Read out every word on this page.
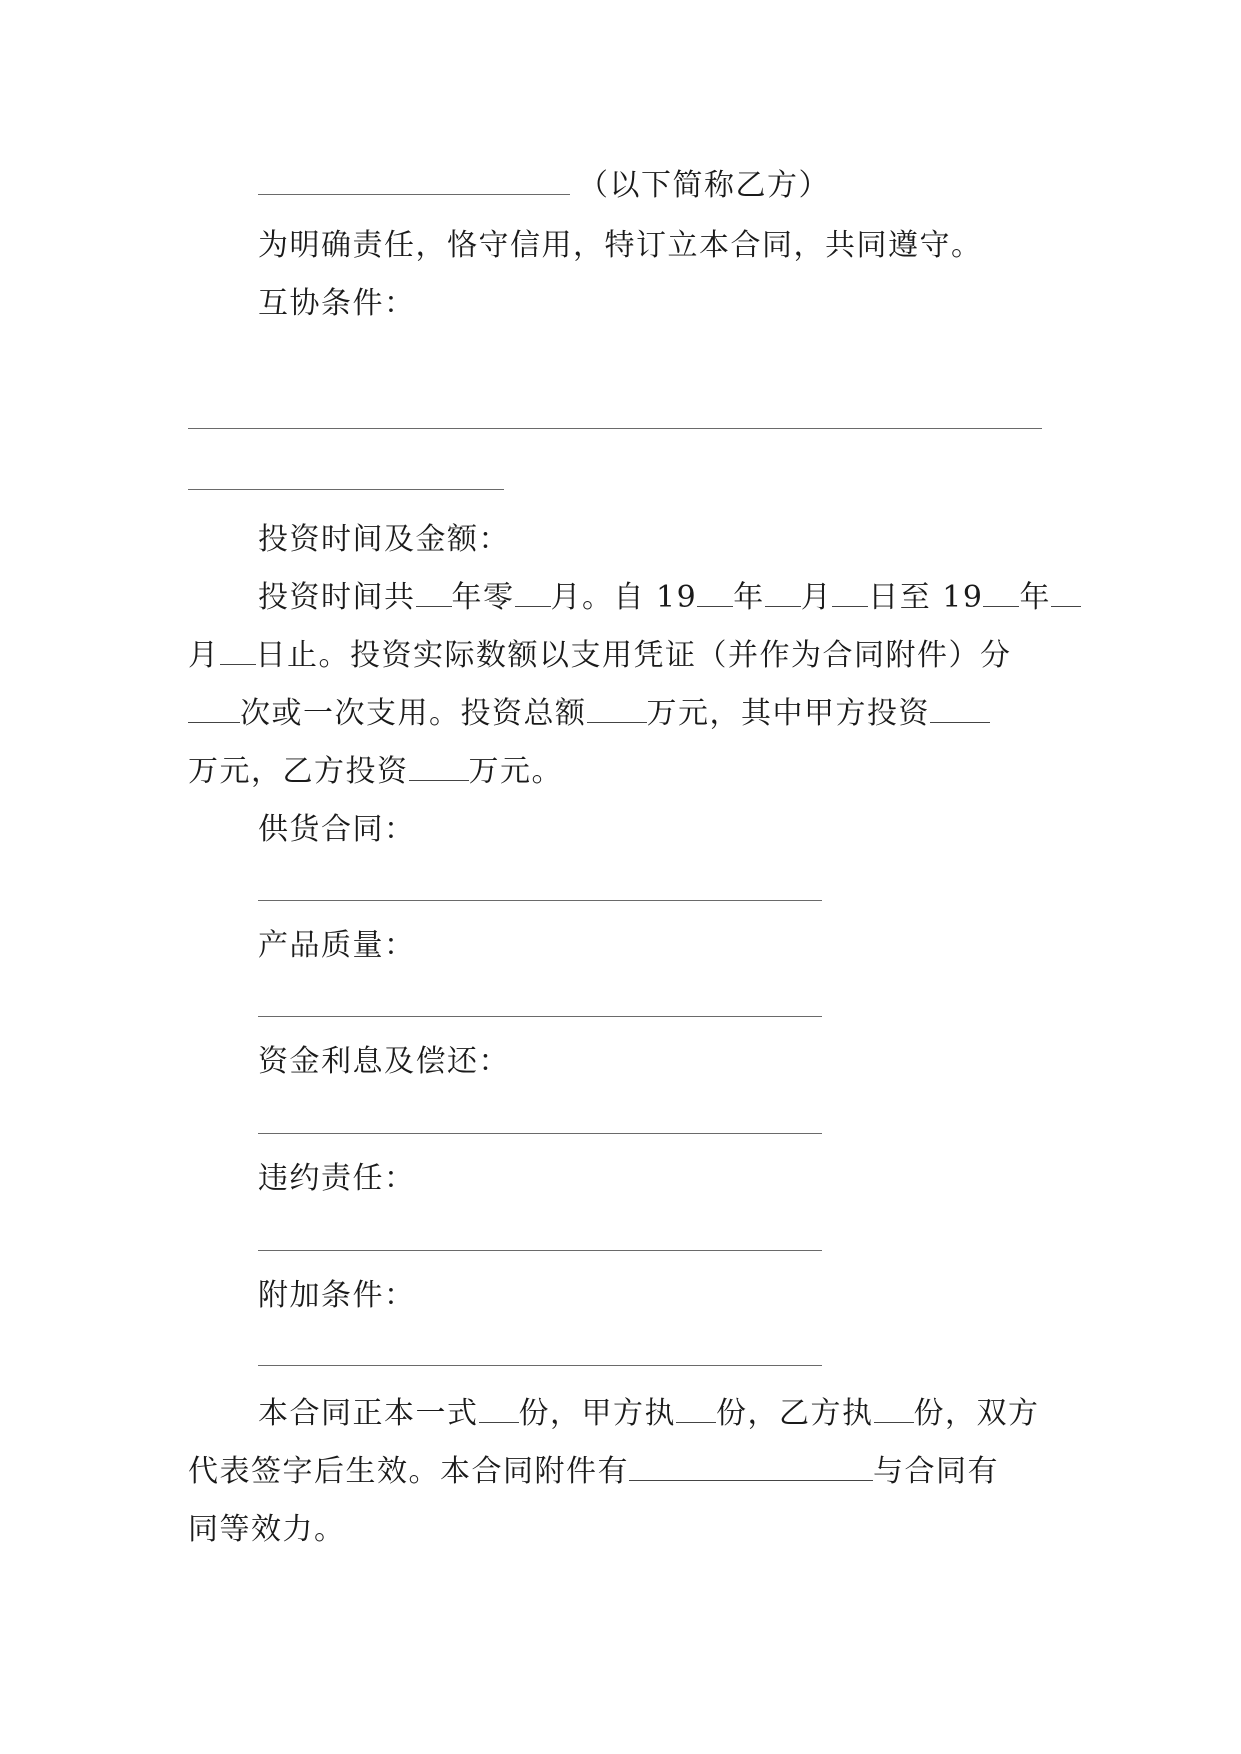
（以下简称乙方）
为明确责任，恪守信用，特订立本合同，共同遵守。
互协条件：
投资时间及金额：
投资时间共 年零 月。自 19 年 月 日至 19 年
月 日止。投资实际数额以支用凭证（并作为合同附件）分
次或一次支用。投资总额 万元，其中甲方投资
万元，乙方投资 万元。
供货合同：
产品质量：
资金利息及偿还：
违约责任：
附加条件：
本合同正本一式 份，甲方执 份，乙方执 份，双方
代表签字后生效。本合同附件有	与合同有
同等效力。
